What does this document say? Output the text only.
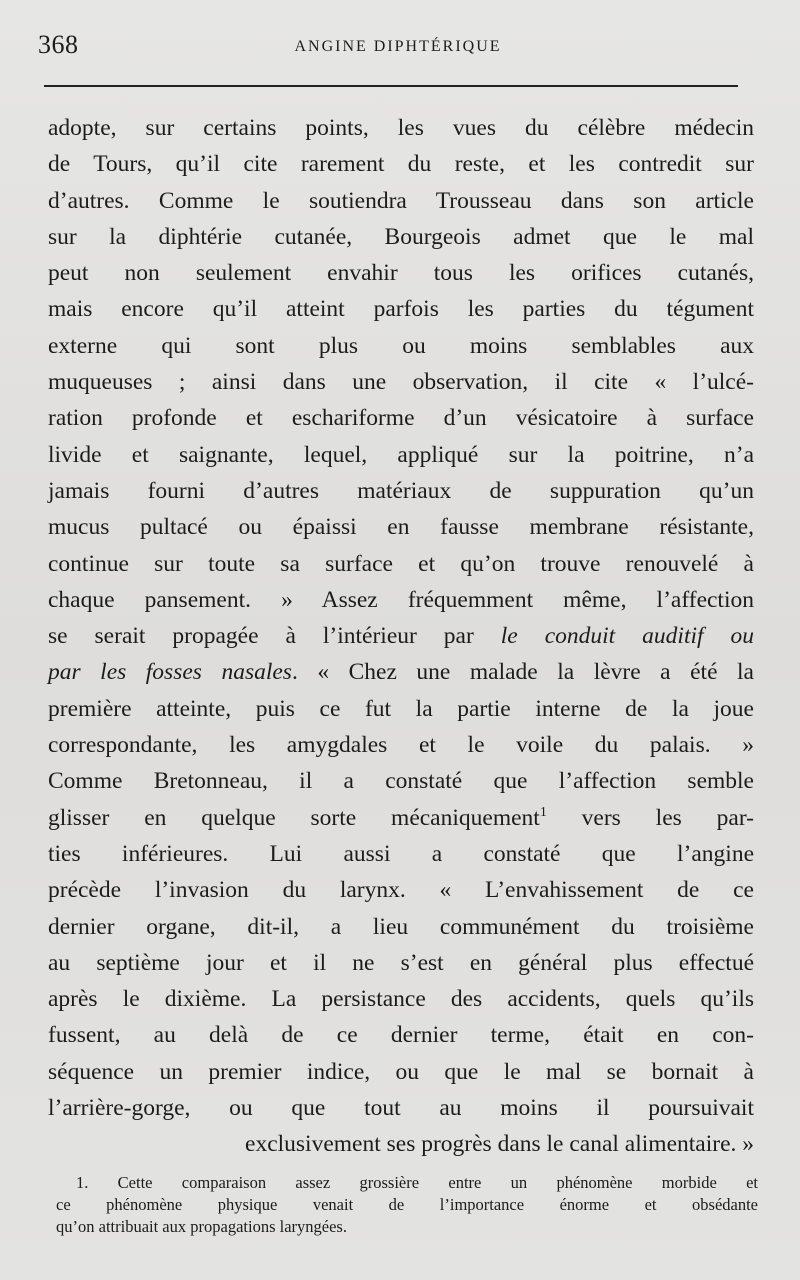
368	ANGINE DIPHTÉRIQUE
adopte, sur certains points, les vues du célèbre médecin
de Tours, qu’il cite rarement du reste, et les contredit sur
d’autres. Comme le soutiendra Trousseau dans son article
sur la diphtérie cutanée, Bourgeois admet que le mal
peut non seulement envahir tous les orifices cutanés,
mais encore qu’il atteint parfois les parties du tégument
externe qui sont plus ou moins semblables aux
muqueuses ; ainsi dans une observation, il cite « l’ulcé-
ration profonde et eschariforme d’un vésicatoire à surface
livide et saignante, lequel, appliqué sur la poitrine, n’a
jamais fourni d’autres matériaux de suppuration qu’un
mucus pultacé ou épaissi en fausse membrane résistante,
continue sur toute sa surface et qu’on trouve renouvelé à
chaque pansement. » Assez fréquemment même, l’affection
se serait propagée à l’intérieur par le conduit auditif ou
par les fosses nasales. « Chez une malade la lèvre a été la
première atteinte, puis ce fut la partie interne de la joue
correspondante, les amygdales et le voile du palais. »
Comme Bretonneau, il a constaté que l’affection semble
glisser en quelque sorte mécaniquement$^1$ vers les par-
ties inférieures. Lui aussi a constaté que l’angine
précède l’invasion du larynx. « L’envahissement de ce
dernier organe, dit-il, a lieu communément du troisième
au septième jour et il ne s’est en général plus effectué
après le dixième. La persistance des accidents, quels qu’ils
fussent, au delà de ce dernier terme, était en con-
séquence un premier indice, ou que le mal se bornait à
l’arrière-gorge, ou que tout au moins il poursuivait
exclusivement ses progrès dans le canal alimentaire. »
1. Cette comparaison assez grossière entre un phénomène morbide et
ce phénomène physique venait de l’importance énorme et obsédante
qu’on attribuait aux propagations laryngées.
